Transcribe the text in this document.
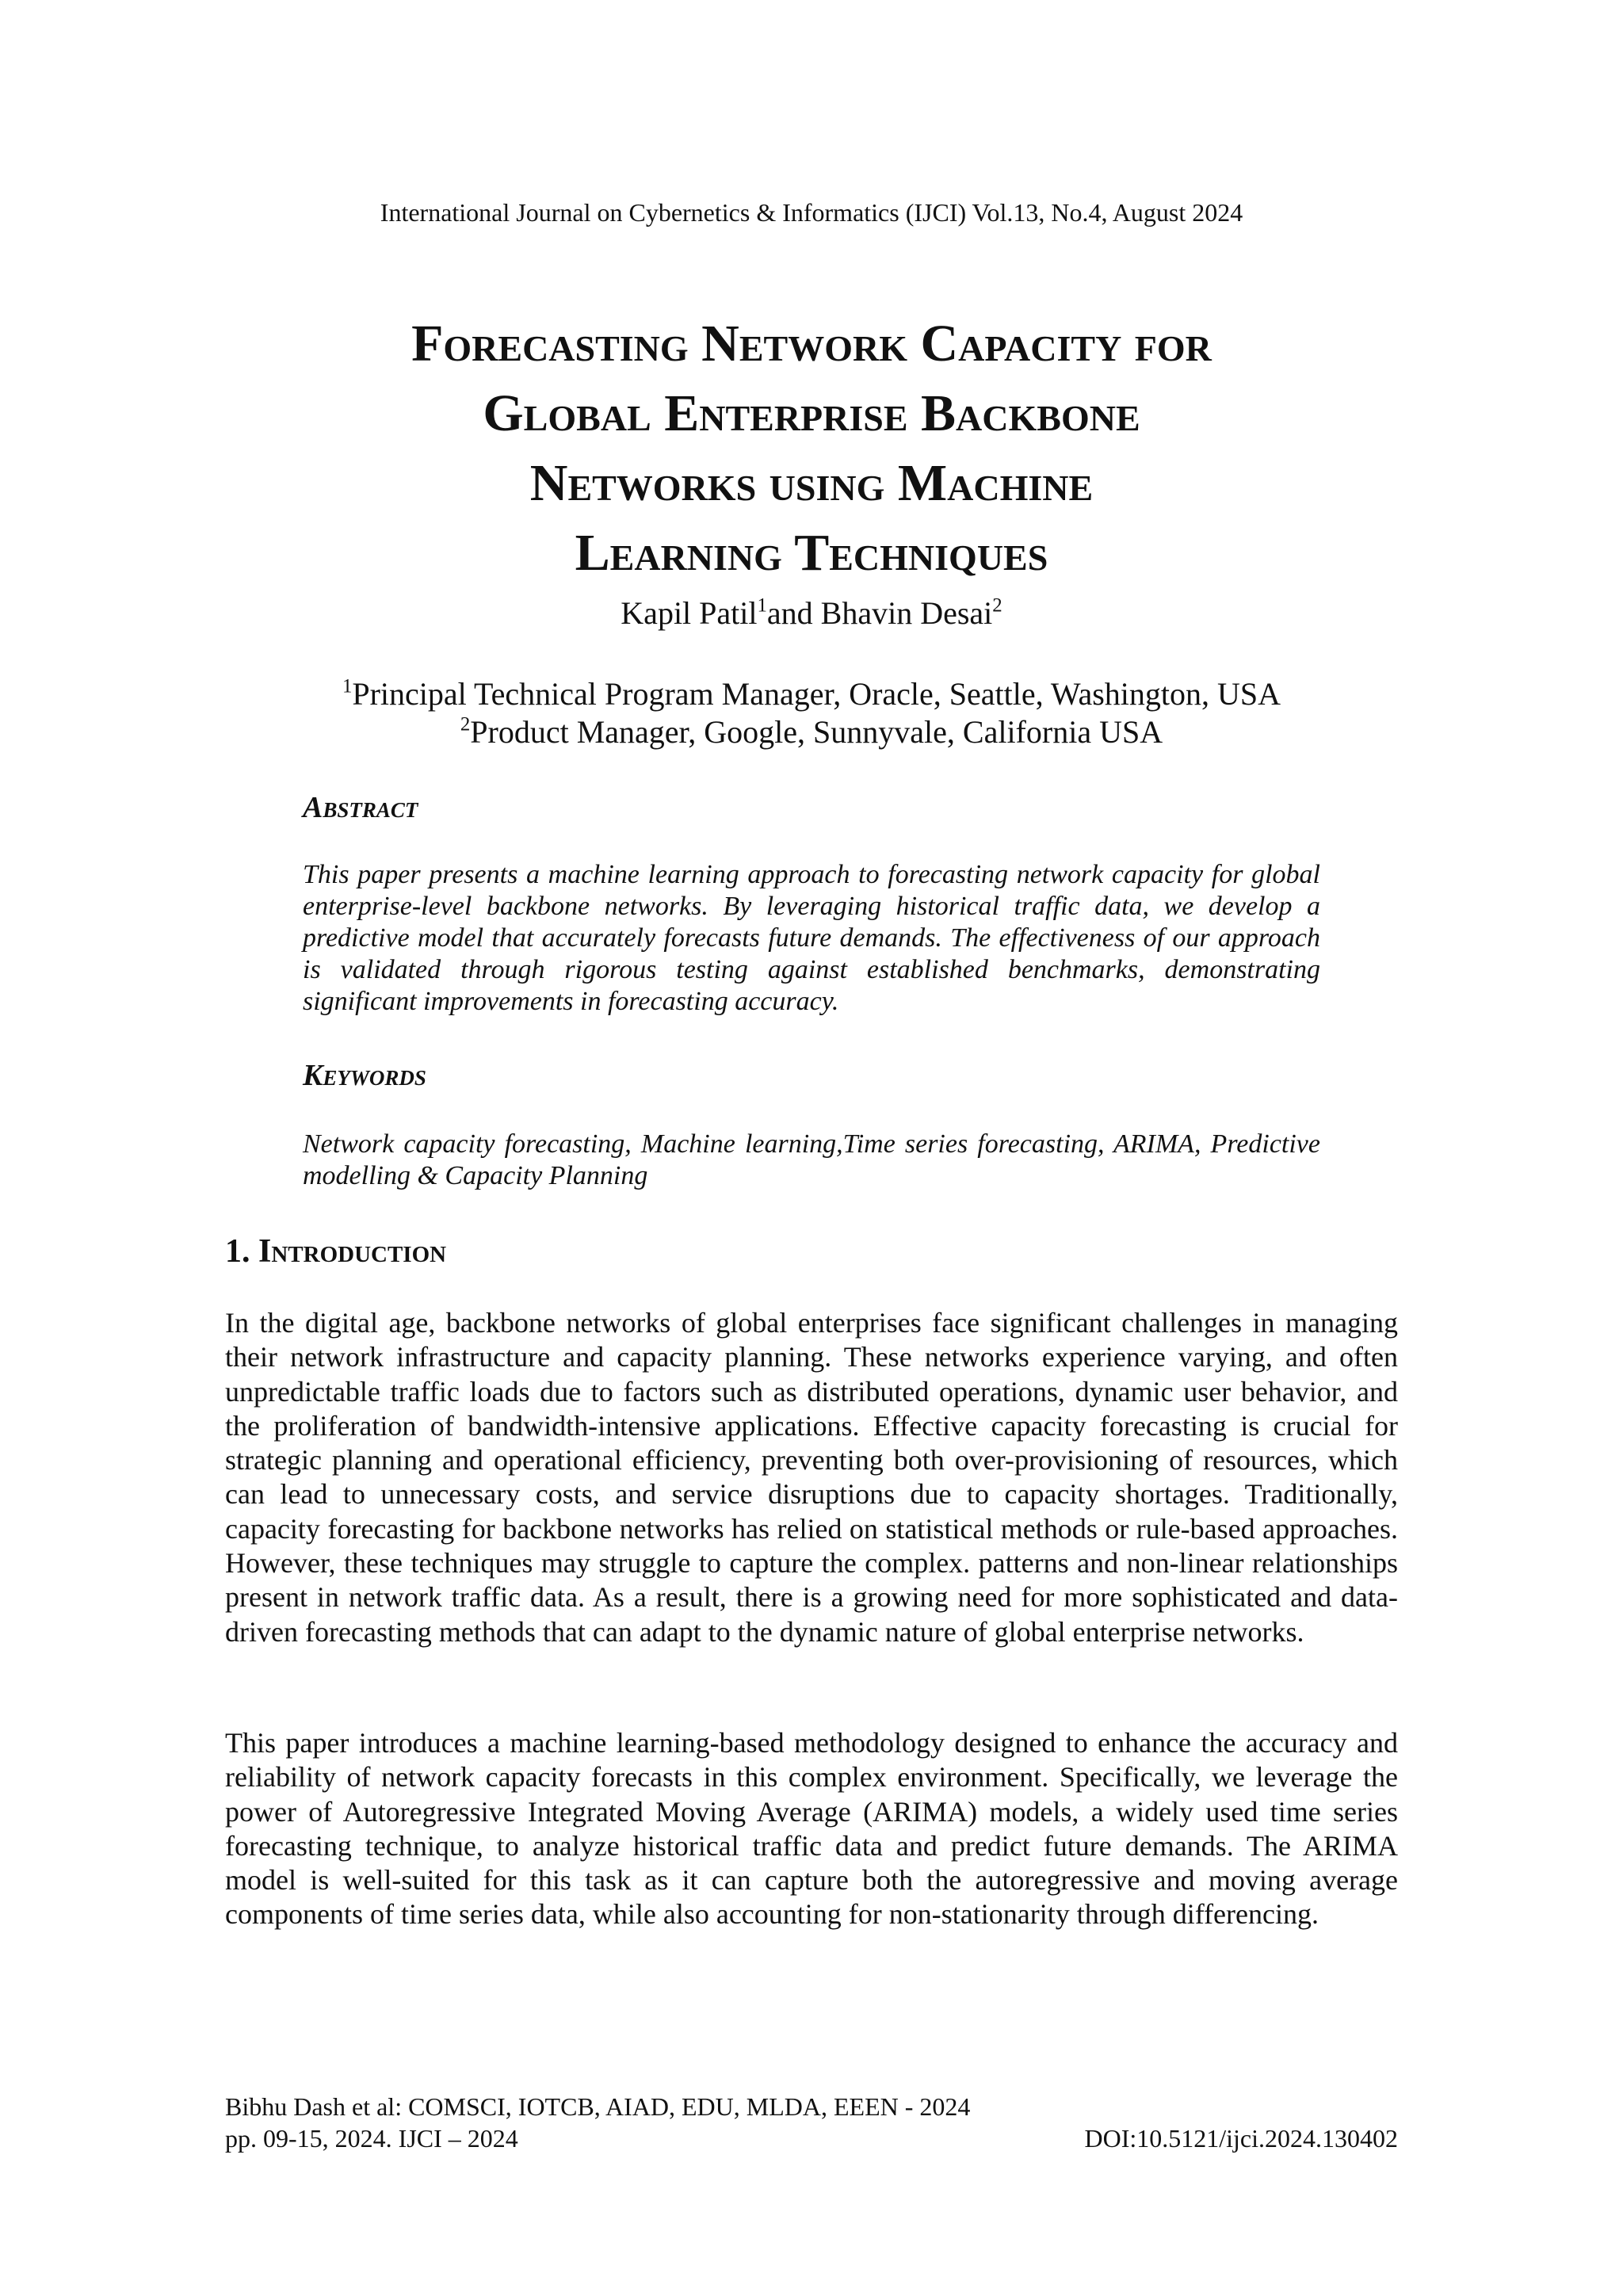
International Journal on Cybernetics & Informatics (IJCI) Vol.13, No.4, August 2024
Forecasting Network Capacity for
Global Enterprise Backbone
Networks using Machine
Learning Techniques
Kapil Patil$^1$and Bhavin Desai$^2$
$^1$Principal Technical Program Manager, Oracle, Seattle, Washington, USA
$^2$Product Manager, Google, Sunnyvale, California USA
Abstract
This paper presents a machine learning approach to forecasting network capacity for global enterprise-level backbone networks. By leveraging historical traffic data, we develop a predictive model that accurately forecasts future demands. The effectiveness of our approach is validated through rigorous testing against established benchmarks, demonstrating significant improvements in forecasting accuracy.
Keywords
Network capacity forecasting, Machine learning,Time series forecasting, ARIMA, Predictive modelling & Capacity Planning
1. Introduction
In the digital age, backbone networks of global enterprises face significant challenges in managing their network infrastructure and capacity planning. These networks experience varying, and often unpredictable traffic loads due to factors such as distributed operations, dynamic user behavior, and the proliferation of bandwidth-intensive applications. Effective capacity forecasting is crucial for strategic planning and operational efficiency, preventing both over-provisioning of resources, which can lead to unnecessary costs, and service disruptions due to capacity shortages. Traditionally, capacity forecasting for backbone networks has relied on statistical methods or rule-based approaches. However, these techniques may struggle to capture the complex. patterns and non-linear relationships present in network traffic data. As a result, there is a growing need for more sophisticated and data-driven forecasting methods that can adapt to the dynamic nature of global enterprise networks.
This paper introduces a machine learning-based methodology designed to enhance the accuracy and reliability of network capacity forecasts in this complex environment. Specifically, we leverage the power of Autoregressive Integrated Moving Average (ARIMA) models, a widely used time series forecasting technique, to analyze historical traffic data and predict future demands. The ARIMA model is well-suited for this task as it can capture both the autoregressive and moving average components of time series data, while also accounting for non-stationarity through differencing.
Bibhu Dash et al: COMSCI, IOTCB, AIAD, EDU, MLDA, EEEN - 2024
pp. 09-15, 2024. IJCI – 2024	DOI:10.5121/ijci.2024.130402
